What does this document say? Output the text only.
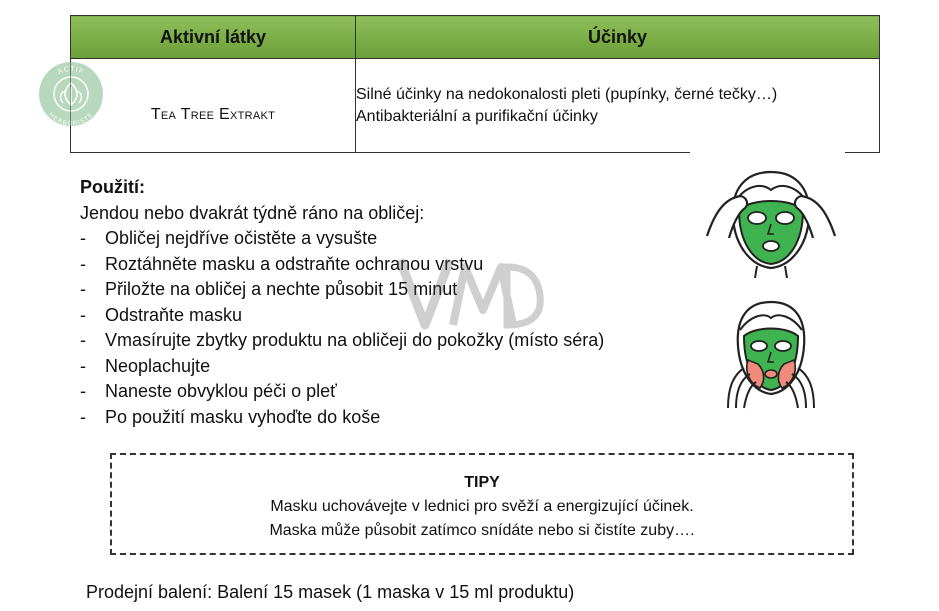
Aktivní látky	Účinky
Tea Tree Extrakt	Silné účinky na nedokonalosti pleti (pupínky, černé tečky…)
Antibakteriální a purifikační účinky
ACTIF
HERBORISTE
Použití:
Jendou nebo dvakrát týdně ráno na obličej:
- Obličej nejdříve očistěte a vysušte
- Roztáhněte masku a odstraňte ochranou vrstvu
- Přiložte na obličej a nechte působit 15 minut
- Odstraňte masku
- Vmasírujte zbytky produktu na obličeji do pokožky (místo séra)
- Neoplachujte
- Naneste obvyklou péči o pleť
- Po použití masku vyhoďte do koše
TIPY
Masku uchovávejte v lednici pro svěží a energizující účinek.
Maska může působit zatímco snídáte nebo si čistíte zuby….
Prodejní balení: Balení 15 masek (1 maska v 15 ml produktu)
